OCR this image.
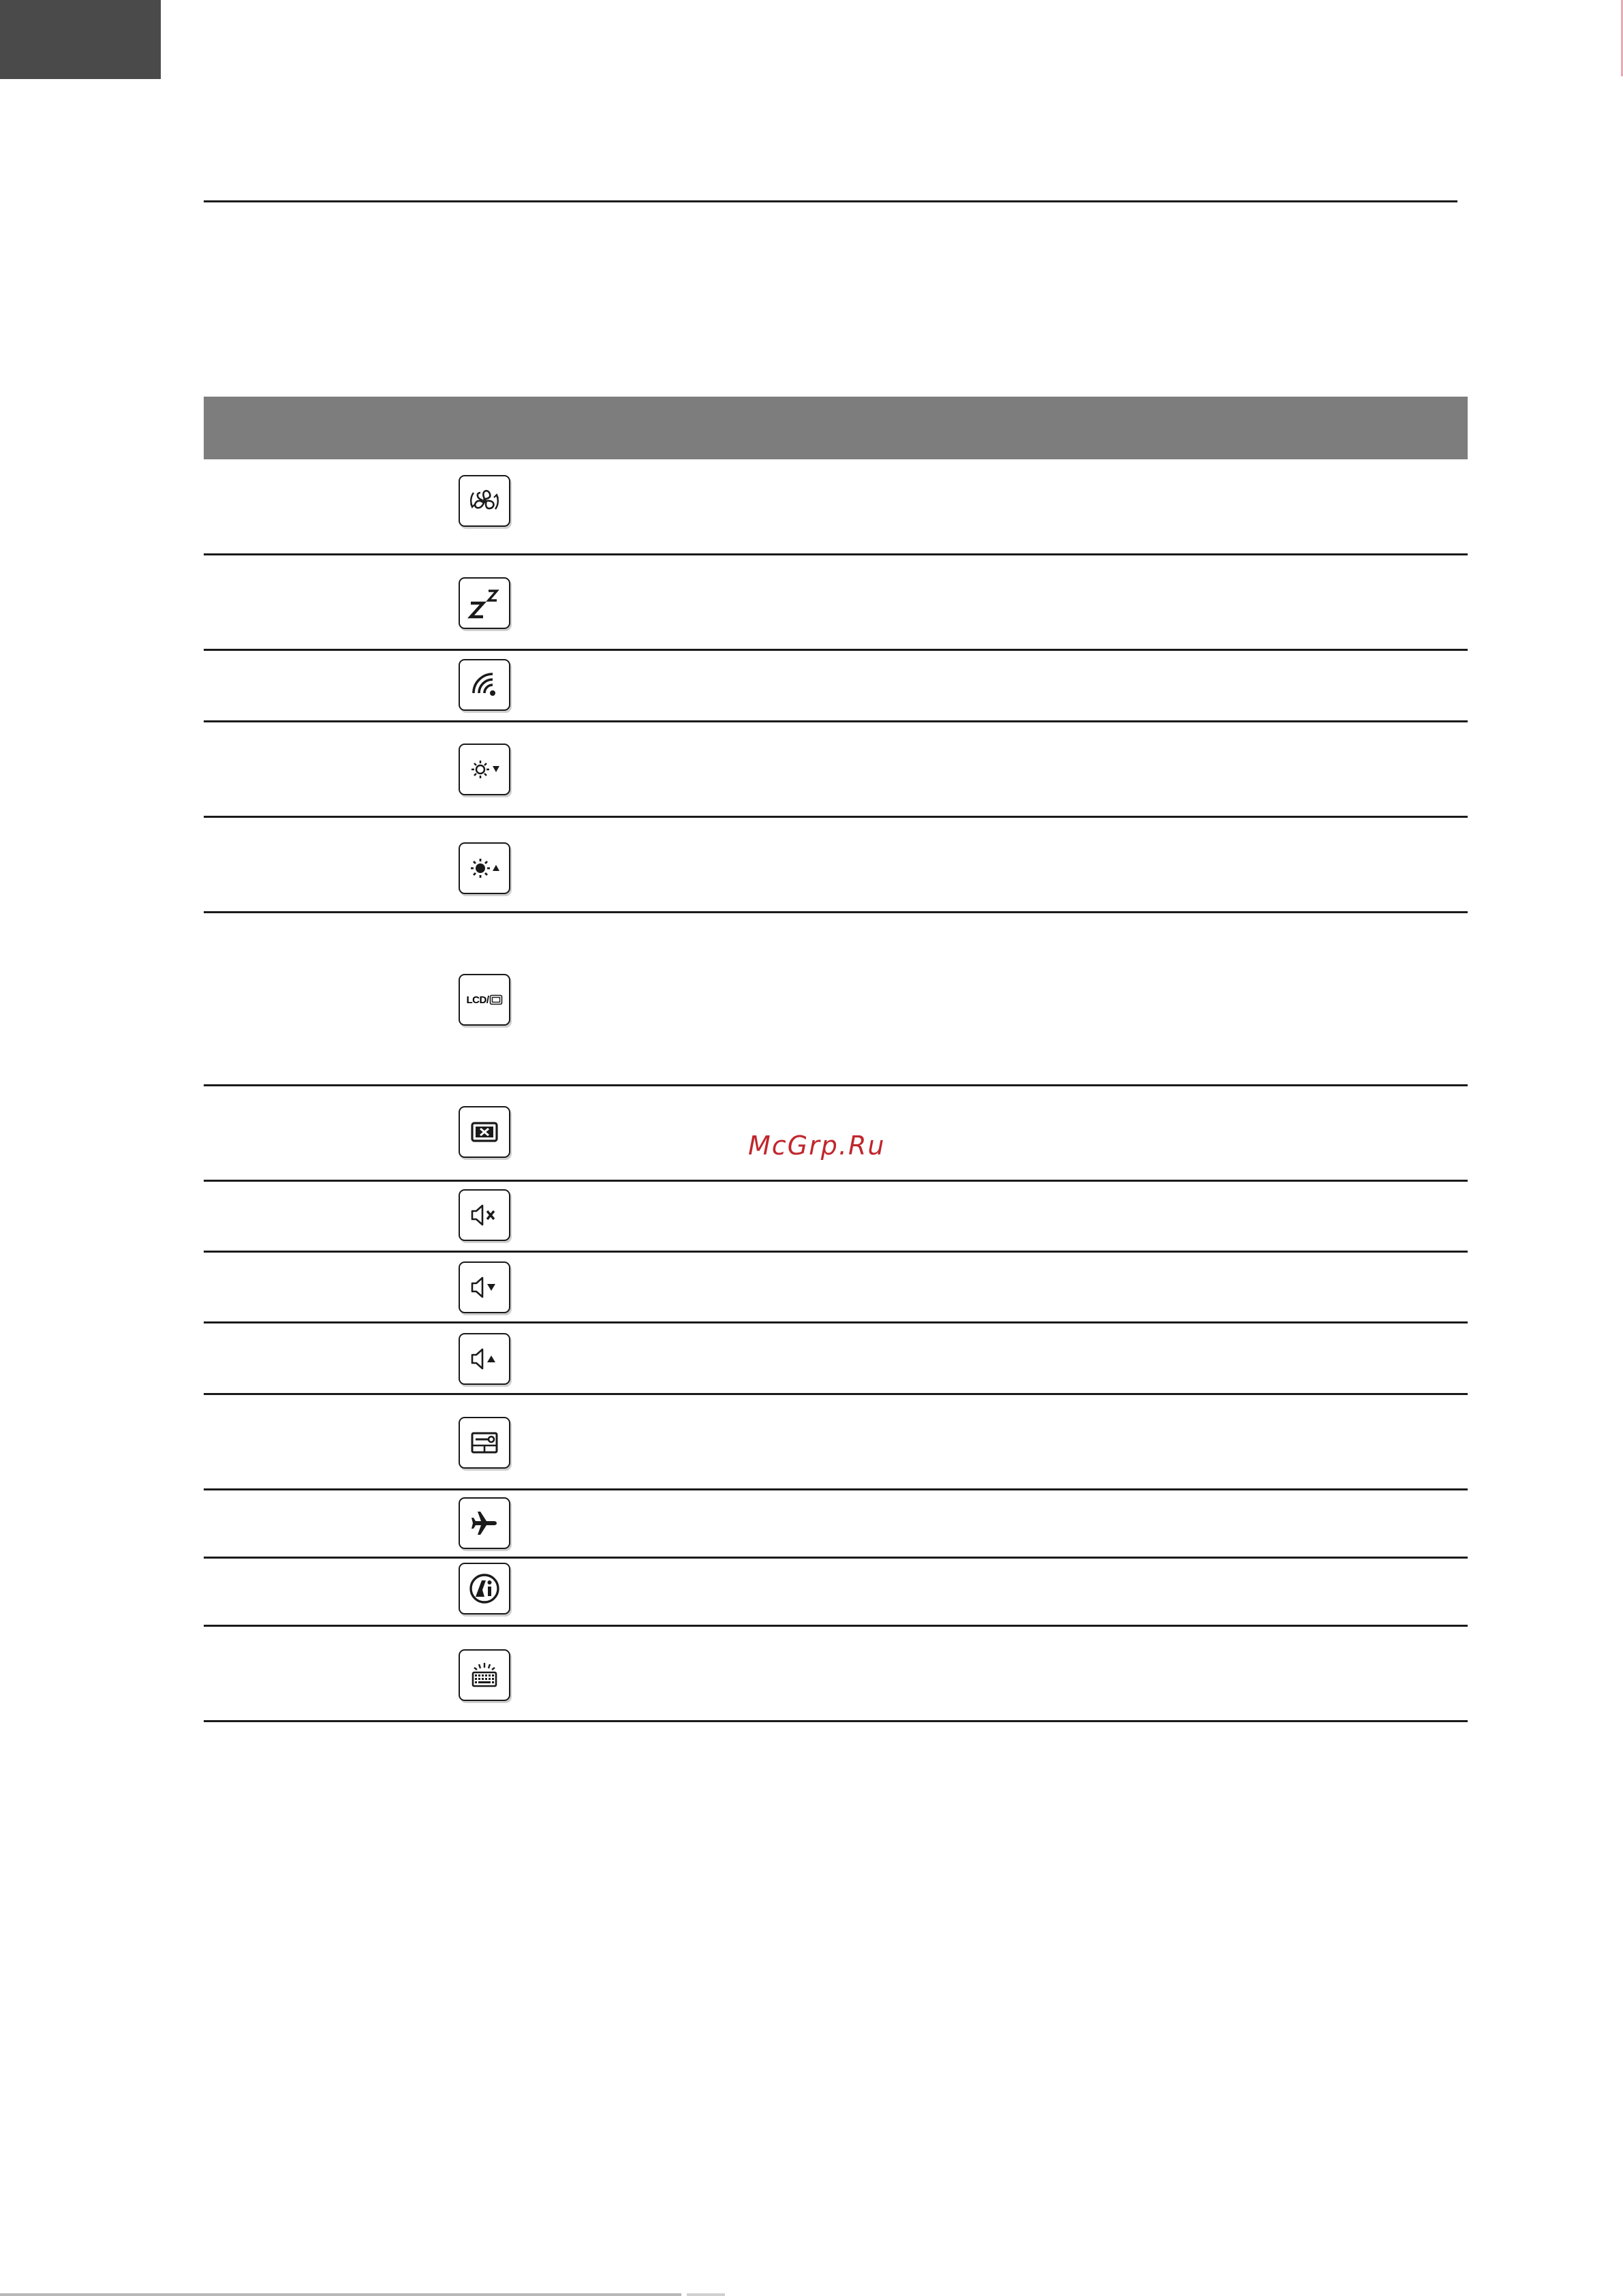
LCD/
McGrp.Ru
